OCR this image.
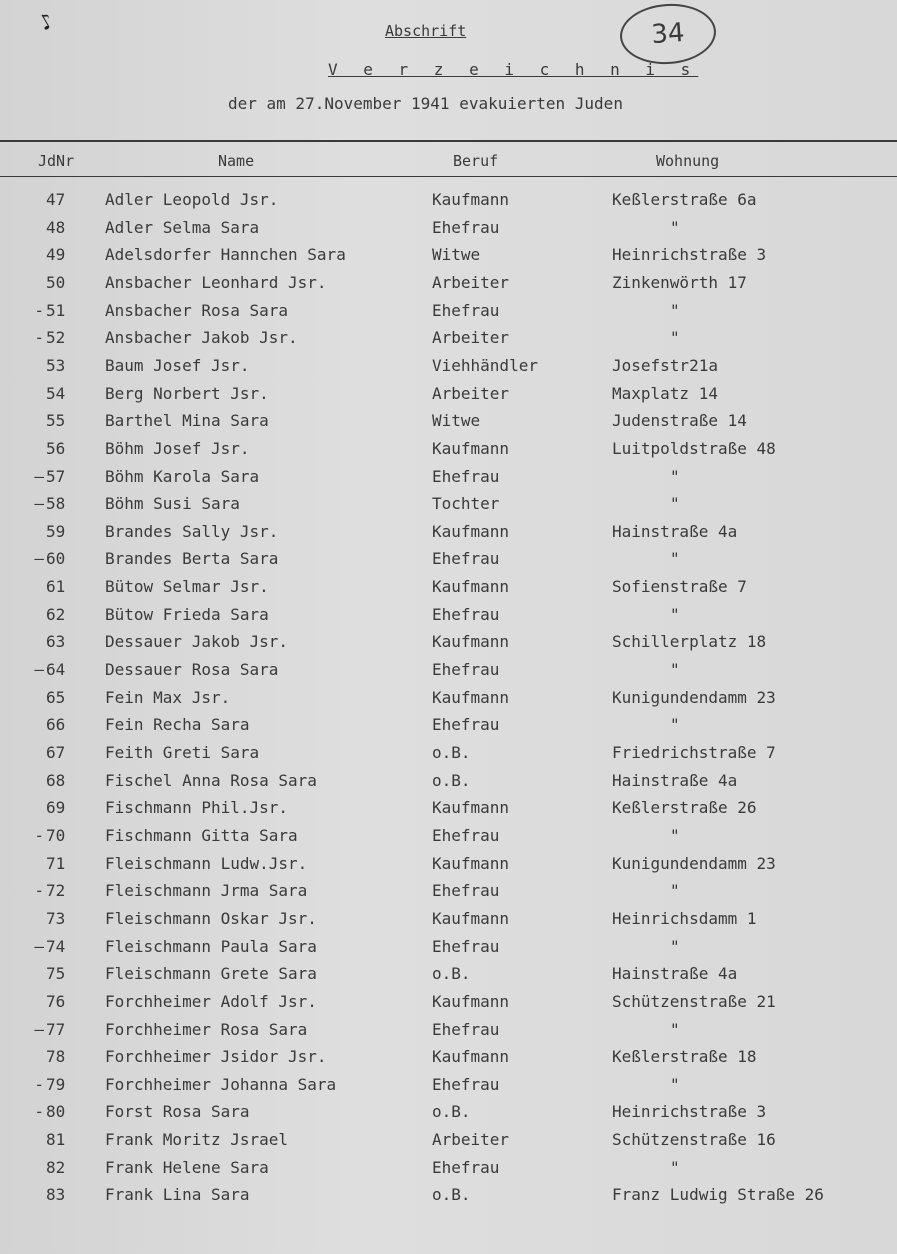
♪	Abschrift	34
V e r z e i c h n i s
der am 27.November 1941 evakuierten Juden
JdNr	Name	Beruf	Wohnung
47	Adler Leopold Jsr.	Kaufmann	Keßlerstraße 6a
48	Adler Selma Sara	Ehefrau	"
49	Adelsdorfer Hannchen Sara	Witwe	Heinrichstraße 3
50	Ansbacher Leonhard Jsr.	Arbeiter	Zinkenwörth 17
- 51	Ansbacher Rosa Sara	Ehefrau	"
- 52	Ansbacher Jakob Jsr.	Arbeiter	"
53	Baum Josef Jsr.	Viehhändler	Josefstr21a
54	Berg Norbert Jsr.	Arbeiter	Maxplatz 14
55	Barthel Mina Sara	Witwe	Judenstraße 14
56	Böhm Josef Jsr.	Kaufmann	Luitpoldstraße 48
— 57	Böhm Karola Sara	Ehefrau	"
— 58	Böhm Susi Sara	Tochter	"
59	Brandes Sally Jsr.	Kaufmann	Hainstraße 4a
— 60	Brandes Berta Sara	Ehefrau	"
61	Bütow Selmar Jsr.	Kaufmann	Sofienstraße 7
62	Bütow Frieda Sara	Ehefrau	"
63	Dessauer Jakob Jsr.	Kaufmann	Schillerplatz 18
— 64	Dessauer Rosa Sara	Ehefrau	"
65	Fein Max Jsr.	Kaufmann	Kunigundendamm 23
66	Fein Recha Sara	Ehefrau	"
67	Feith Greti Sara	o.B.	Friedrichstraße 7
68	Fischel Anna Rosa Sara	o.B.	Hainstraße 4a
69	Fischmann Phil.Jsr.	Kaufmann	Keßlerstraße 26
- 70	Fischmann Gitta Sara	Ehefrau	"
71	Fleischmann Ludw.Jsr.	Kaufmann	Kunigundendamm 23
- 72	Fleischmann Jrma Sara	Ehefrau	"
73	Fleischmann Oskar Jsr.	Kaufmann	Heinrichsdamm 1
— 74	Fleischmann Paula Sara	Ehefrau	"
75	Fleischmann Grete Sara	o.B.	Hainstraße 4a
76	Forchheimer Adolf Jsr.	Kaufmann	Schützenstraße 21
— 77	Forchheimer Rosa Sara	Ehefrau	"
78	Forchheimer Jsidor Jsr.	Kaufmann	Keßlerstraße 18
- 79	Forchheimer Johanna Sara	Ehefrau	"
- 80	Forst Rosa Sara	o.B.	Heinrichstraße 3
81	Frank Moritz Jsrael	Arbeiter	Schützenstraße 16
82	Frank Helene Sara	Ehefrau	"
83	Frank Lina Sara	o.B.	Franz Ludwig Straße 26
